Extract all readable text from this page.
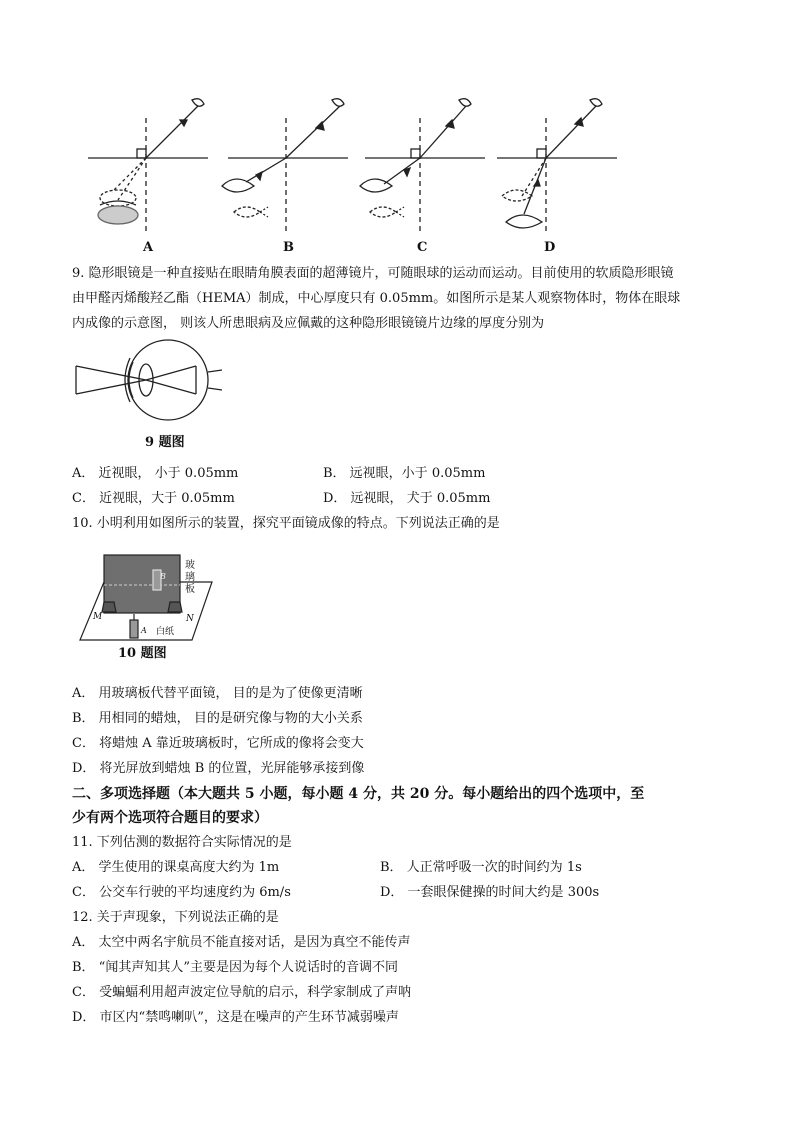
A	B	C	D
9. 隐形眼镜是一种直接贴在眼睛角膜表面的超薄镜片，可随眼球的运动而运动。目前使用的软质隐形眼镜
由甲醛丙烯酸羟乙酯（HEMA）制成，中心厚度只有 0.05mm。如图所示是某人观察物体时，物体在眼球
内成像的示意图， 则该人所患眼病及应佩戴的这种隐形眼镜镜片边缘的厚度分别为
9 题图
A． 近视眼， 小于 0.05mm	B． 远视眼，小于 0.05mm
C． 近视眼，大于 0.05mm	D． 远视眼， 犬于 0.05mm
10. 小明利用如图所示的装置，探究平面镜成像的特点。下列说法正确的是
玻璃板
B
A 白纸
M	N
10 题图
A． 用玻璃板代替平面镜， 目的是为了使像更清晰
B． 用相同的蜡烛， 目的是研究像与物的大小关系
C． 将蜡烛 A 靠近玻璃板时，它所成的像将会变大
D． 将光屏放到蜡烛 B 的位置，光屏能够承接到像
二、多项选择题（本大题共 5 小题，每小题 4 分，共 20 分。每小题给出的四个选项中，至
少有两个选项符合题目的要求）
11. 下列估测的数据符合实际情况的是
A． 学生使用的课桌高度大约为 1m	B． 人正常呼吸一次的时间约为 1s
C． 公交车行驶的平均速度约为 6m/s	D． 一套眼保健操的时间大约是 300s
12. 关于声现象，下列说法正确的是
A． 太空中两名宇航员不能直接对话，是因为真空不能传声
B． “闻其声知其人”主要是因为每个人说话时的音调不同
C． 受蝙蝠利用超声波定位导航的启示，科学家制成了声呐
D． 市区内“禁鸣喇叭”，这是在噪声的产生环节减弱噪声
